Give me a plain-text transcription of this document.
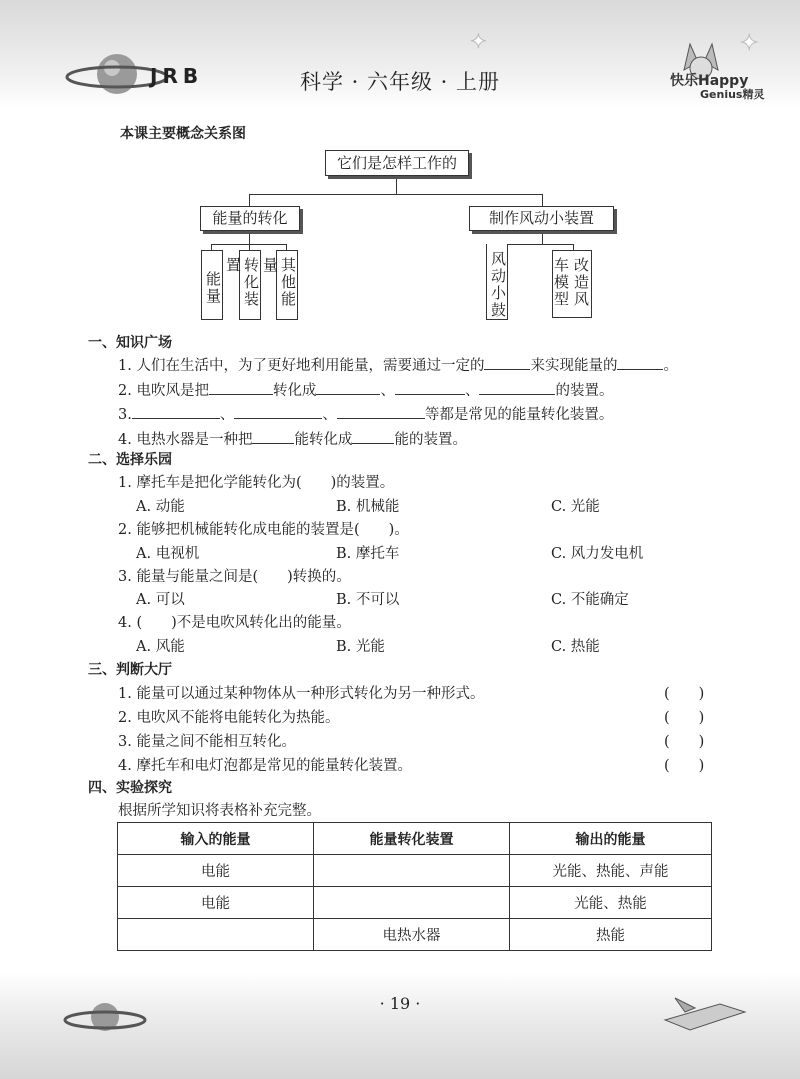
✦	✦
JRB	科学 · 六年级 · 上册	快乐Happy
Genius精灵
本课主要概念关系图
它们是怎样工作的
能量的转化	制作风动小装置
能量 转化装置	其他能量	风动小鼓	改造风车模型
一、知识广场
1. 人们在生活中，为了更好地利用能量，需要通过一定的	来实现能量的	。
2. 电吹风是把	转化成	、	、	的装置。
3.	、	、	等都是常见的能量转化装置。
4. 电热水器是一种把	能转化成	能的装置。
二、选择乐园
1. 摩托车是把化学能转化为(　　)的装置。
A. 动能	B. 机械能	C. 光能
2. 能够把机械能转化成电能的装置是(　　)。
A. 电视机	B. 摩托车	C. 风力发电机
3. 能量与能量之间是(　　)转换的。
A. 可以	B. 不可以	C. 不能确定
4. (　　)不是电吹风转化出的能量。
A. 风能	B. 光能	C. 热能
三、判断大厅
1. 能量可以通过某种物体从一种形式转化为另一种形式。	(　　)
2. 电吹风不能将电能转化为热能。	(　　)
3. 能量之间不能相互转化。	(　　)
4. 摩托车和电灯泡都是常见的能量转化装置。	(　　)
四、实验探究
根据所学知识将表格补充完整。
输入的能量	能量转化装置	输出的能量
电能		光能、热能、声能
电能		光能、热能
	电热水器	热能
· 19 ·
